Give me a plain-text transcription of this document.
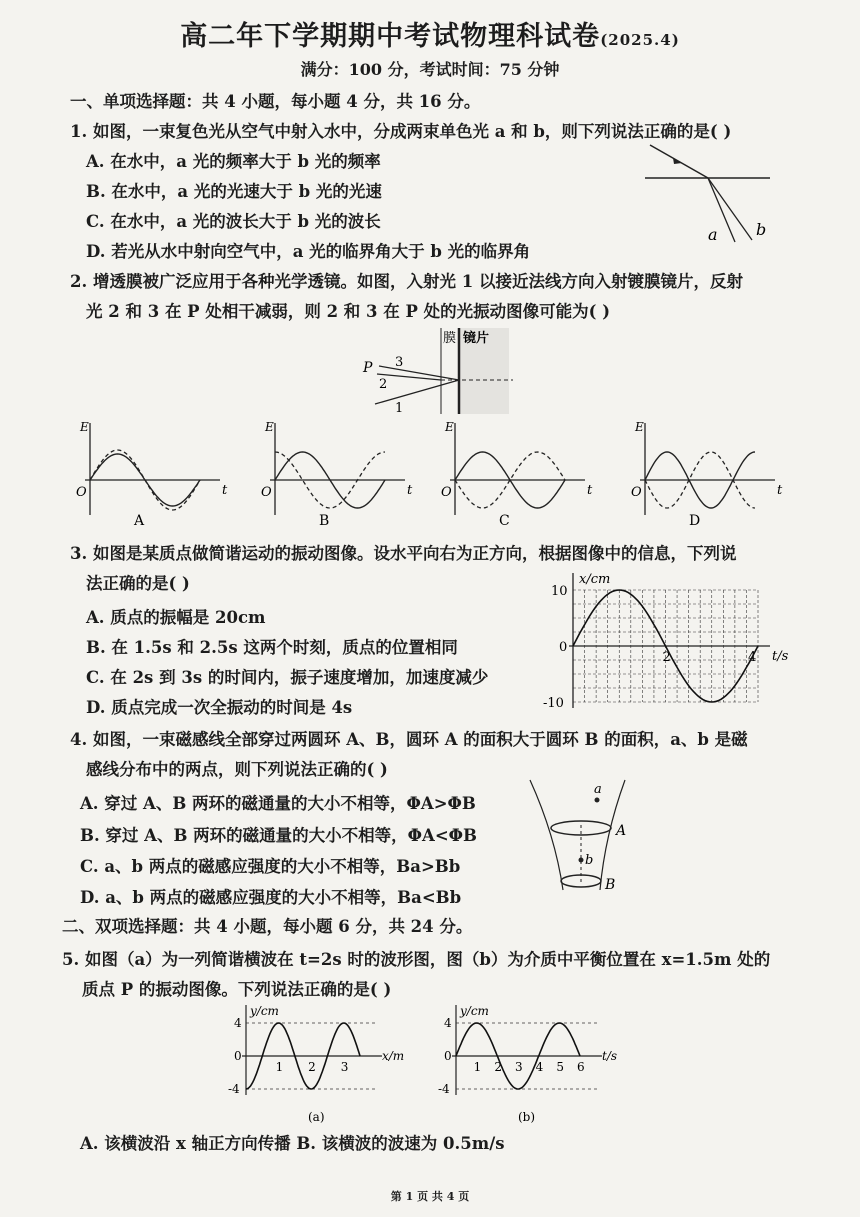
高二年下学期期中考试物理科试卷(2025.4)
满分：100 分，考试时间：75 分钟
一、单项选择题：共 4 小题，每小题 4 分，共 16 分。
1. 如图，一束复色光从空气中射入水中，分成两束单色光 a 和 b，则下列说法正确的是( )
A. 在水中，a 光的频率大于 b 光的频率
B. 在水中，a 光的光速大于 b 光的光速
C. 在水中，a 光的波长大于 b 光的波长
D. 若光从水中射向空气中，a 光的临界角大于 b 光的临界角
a b
2. 增透膜被广泛应用于各种光学透镜。如图，入射光 1 以接近法线方向入射镀膜镜片，反射
光 2 和 3 在 P 处相干减弱，则 2 和 3 在 P 处的光振动图像可能为( )
膜 镜片
P 3
2
1
E
O	t
A
E
O	t
B
E
O	t
C
E
O	t
D
3. 如图是某质点做简谐运动的振动图像。设水平向右为正方向，根据图像中的信息，下列说
法正确的是( )
A. 质点的振幅是 20cm
B. 在 1.5s 和 2.5s 这两个时刻，质点的位置相同
C. 在 2s 到 3s 的时间内，振子速度增加，加速度减少
D. 质点完成一次全振动的时间是 4s
x/cm
t/s
10
0
-10
2	4
4. 如图，一束磁感线全部穿过两圆环 A、B，圆环 A 的面积大于圆环 B 的面积，a、b 是磁
感线分布中的两点，则下列说法正确的( )
A. 穿过 A、B 两环的磁通量的大小不相等，ΦA>ΦB
B. 穿过 A、B 两环的磁通量的大小不相等，ΦA<ΦB
C. a、b 两点的磁感应强度的大小不相等，Ba>Bb
D. a、b 两点的磁感应强度的大小不相等，Ba<Bb
a
b
A
B
二、双项选择题：共 4 小题，每小题 6 分，共 24 分。
5. 如图（a）为一列简谐横波在 t=2s 时的波形图，图（b）为介质中平衡位置在 x=1.5m 处的
质点 P 的振动图像。下列说法正确的是( )
y/cm
x/m
4
0
-4
1 2 3
(a)
y/cm
t/s
4
0
-4
1 2 3 4 5 6
(b)
A. 该横波沿 x 轴正方向传播 B. 该横波的波速为 0.5m/s
第 1 页 共 4 页
